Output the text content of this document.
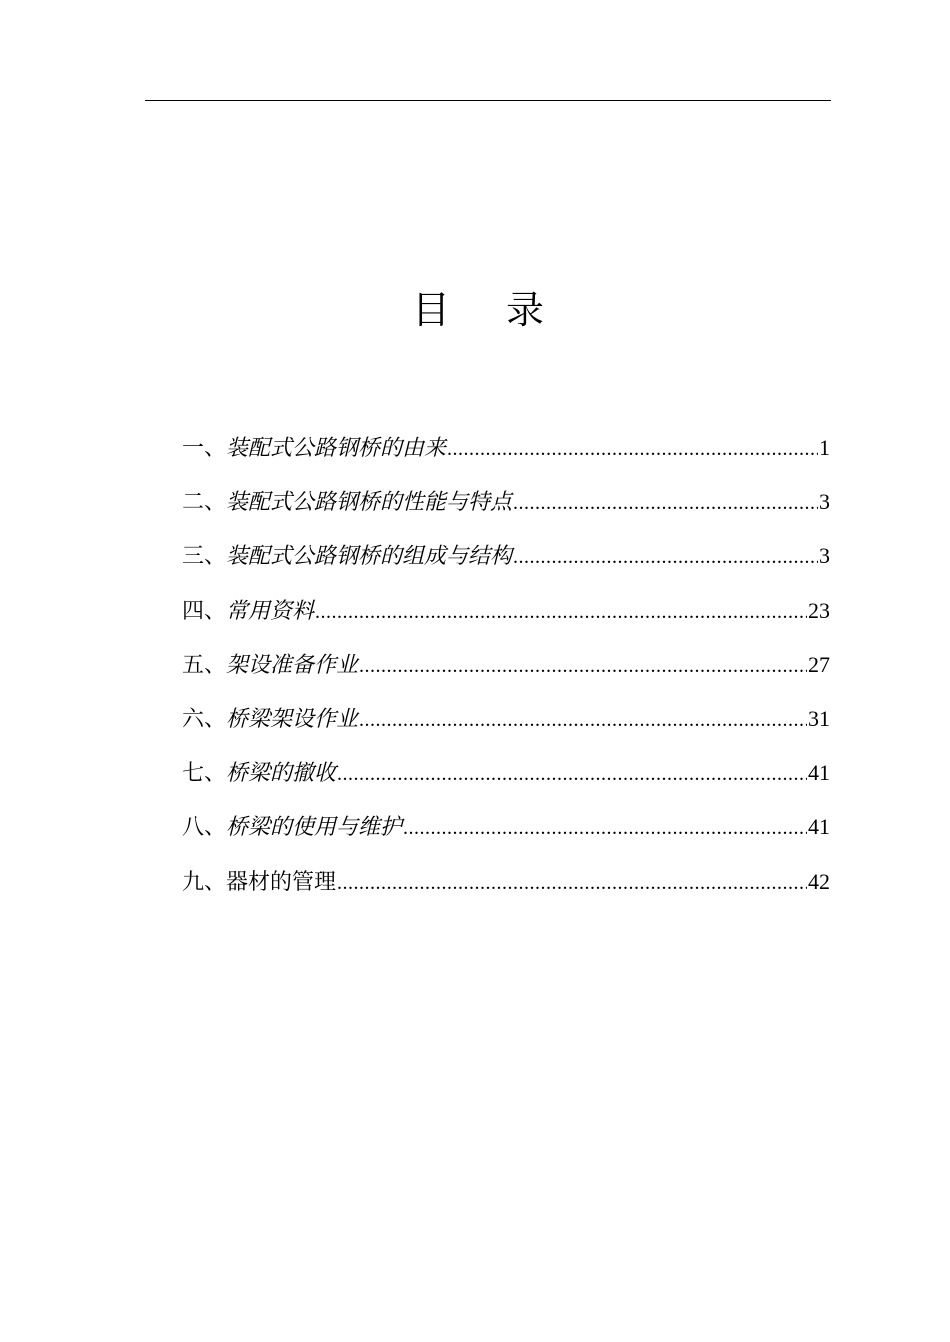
目 录
一、 装配式公路钢桥的由来 .....	1
二、 装配式公路钢桥的性能与特点 .....	3
三、 装配式公路钢桥的组成与结构 .....	3
四、 常用资料 .....	23
五、 架设准备作业 .....	27
六、 桥梁架设作业 .....	31
七、 桥梁的撤收 .....	41
八、 桥梁的使用与维护 .....	41
九、 器材的管理 .....	42
